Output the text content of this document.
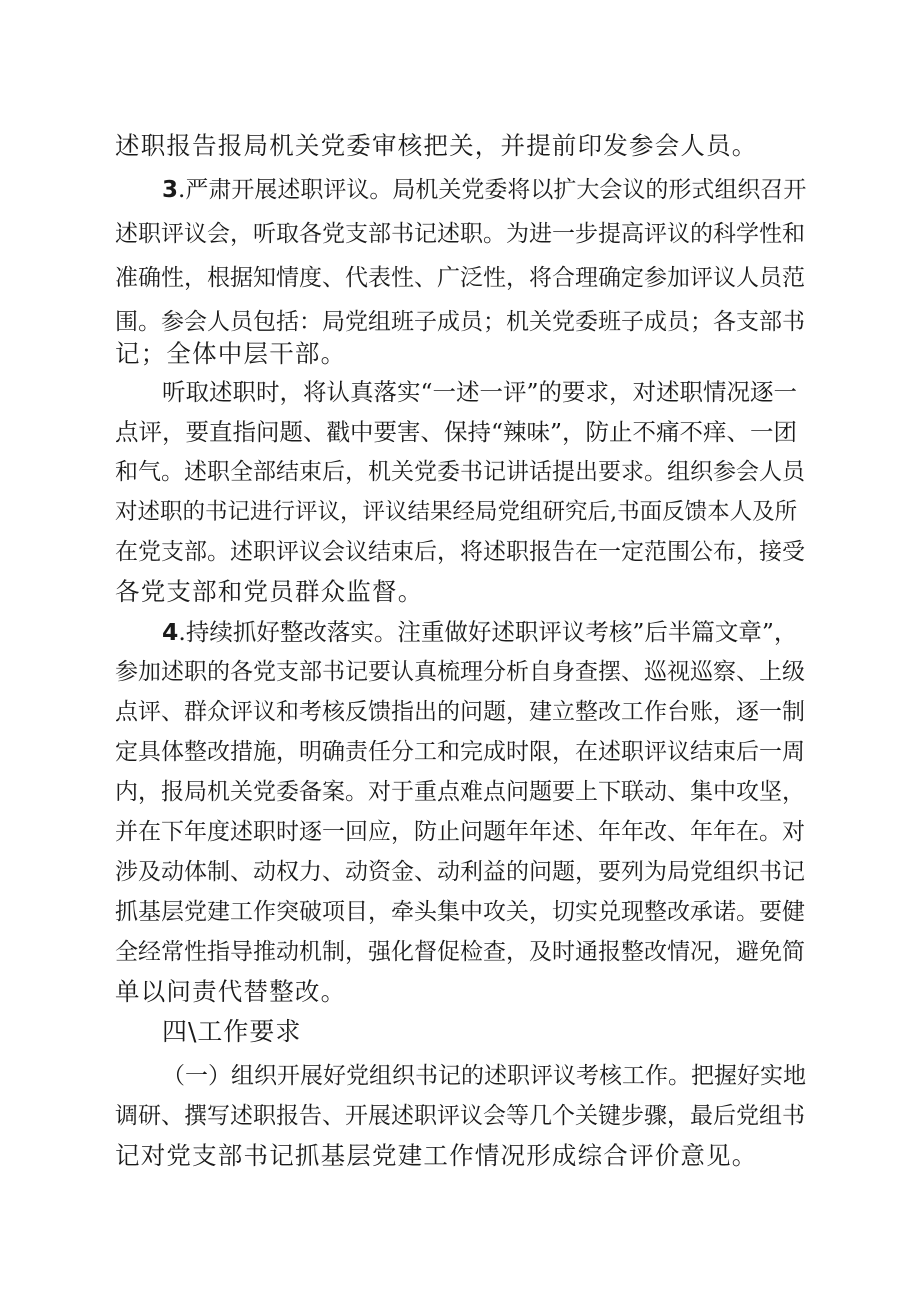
述职报告报局机关党委审核把关，并提前印发参会人员。
3.严肃开展述职评议。局机关党委将以扩大会议的形式组织召开
述职评议会，听取各党支部书记述职。为进一步提高评议的科学性和
准确性，根据知情度、代表性、广泛性，将合理确定参加评议人员范
围。参会人员包括：局党组班子成员；机关党委班子成员；各支部书
记；全体中层干部。
听取述职时，将认真落实“一述一评”的要求，对述职情况逐一
点评，要直指问题、戳中要害、保持“辣味”，防止不痛不痒、一团
和气。述职全部结束后，机关党委书记讲话提出要求。组织参会人员
对述职的书记进行评议，评议结果经局党组研究后,书面反馈本人及所
在党支部。述职评议会议结束后，将述职报告在一定范围公布，接受
各党支部和党员群众监督。
4.持续抓好整改落实。注重做好述职评议考核”后半篇文章”，
参加述职的各党支部书记要认真梳理分析自身查摆、巡视巡察、上级
点评、群众评议和考核反馈指出的问题，建立整改工作台账，逐一制
定具体整改措施，明确责任分工和完成时限，在述职评议结束后一周
内，报局机关党委备案。对于重点难点问题要上下联动、集中攻坚，
并在下年度述职时逐一回应，防止问题年年述、年年改、年年在。对
涉及动体制、动权力、动资金、动利益的问题，要列为局党组织书记
抓基层党建工作突破项目，牵头集中攻关，切实兑现整改承诺。要健
全经常性指导推动机制，强化督促检查，及时通报整改情况，避免简
单以问责代替整改。
四\工作要求
（一）组织开展好党组织书记的述职评议考核工作。把握好实地
调研、撰写述职报告、开展述职评议会等几个关键步骤，最后党组书
记对党支部书记抓基层党建工作情况形成综合评价意见。
